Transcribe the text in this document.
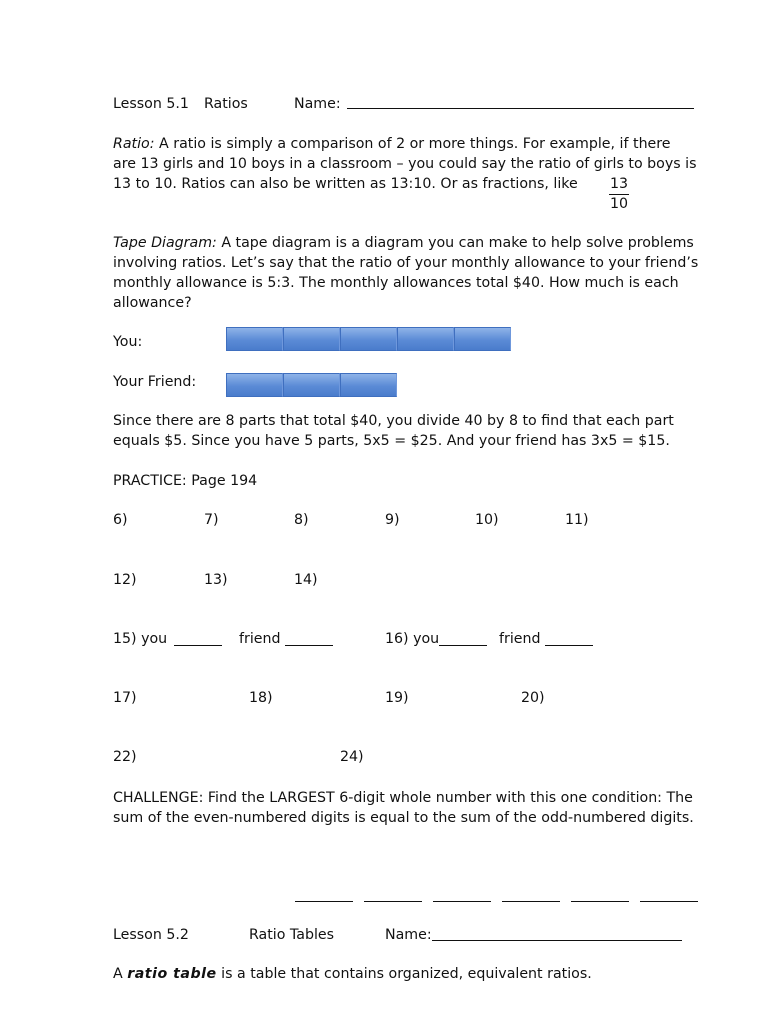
Lesson 5.1 Ratios	Name:
Ratio: A ratio is simply a comparison of 2 or more things. For example, if there
are 13 girls and 10 boys in a classroom – you could say the ratio of girls to boys is
13 to 10. Ratios can also be written as 13:10. Or as fractions, like $\frac{13}{10}$
Tape Diagram: A tape diagram is a diagram you can make to help solve problems
involving ratios. Let’s say that the ratio of your monthly allowance to your friend’s
monthly allowance is 5:3. The monthly allowances total $40. How much is each
allowance?
You:
Your Friend:
Since there are 8 parts that total $40, you divide 40 by 8 to find that each part
equals $5. Since you have 5 parts, 5x5 = $25. And your friend has 3x5 = $15.
PRACTICE: Page 194
6)	7)	8)	9)	10)	11)
12)	13)	14)
15) you	friend	16) you	friend
17)	18)	19)	20)
22)	24)
CHALLENGE: Find the LARGEST 6-digit whole number with this one condition: The
sum of the even-numbered digits is equal to the sum of the odd-numbered digits.
Lesson 5.2	Ratio Tables	Name:
A ratio table is a table that contains organized, equivalent ratios.
